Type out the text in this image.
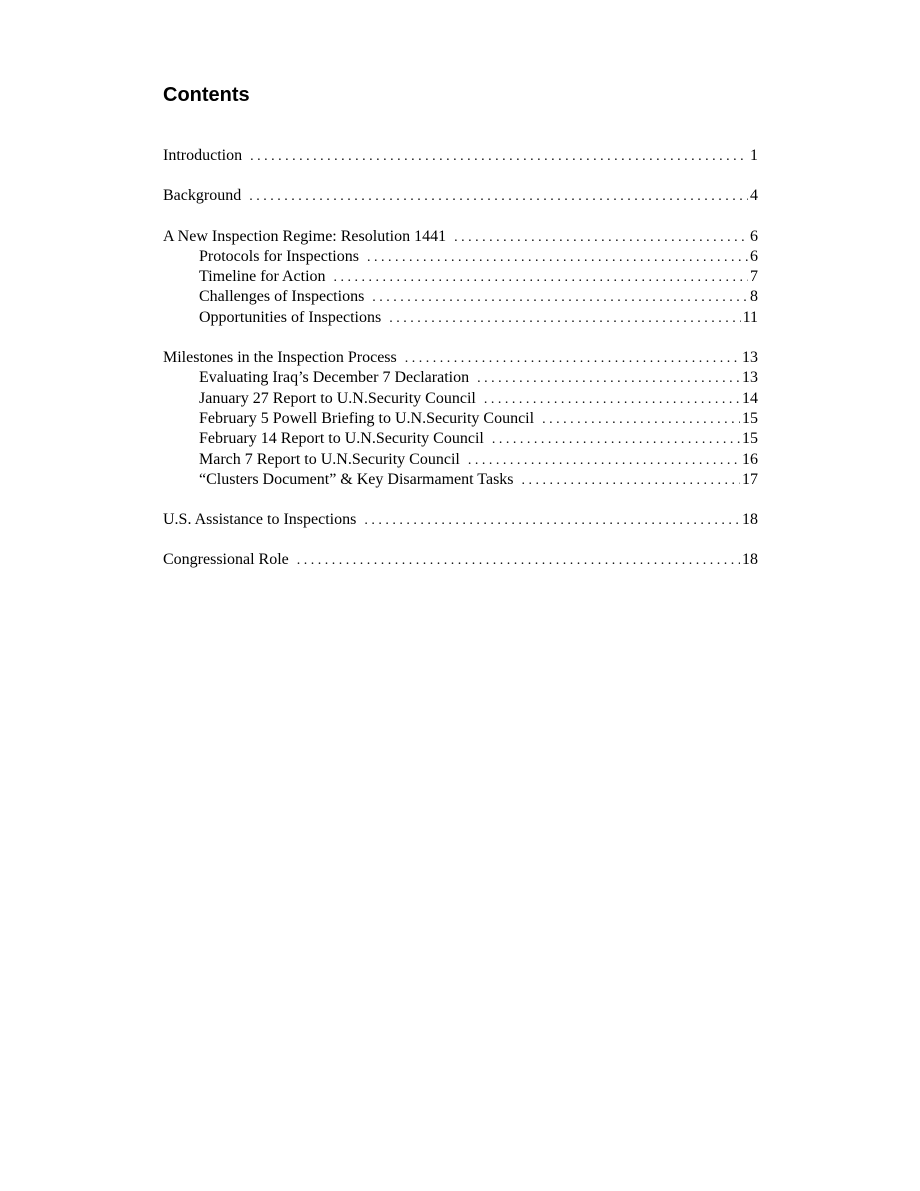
Contents
Introduction . . .	1
Background . . .	4
A New Inspection Regime: Resolution 1441 . . .	6
Protocols for Inspections . . .	6
Timeline for Action . . .	7
Challenges of Inspections . . .	8
Opportunities of Inspections . . .	11
Milestones in the Inspection Process . . .	13
Evaluating Iraq’s December 7 Declaration . . .	13
January 27 Report to U.N.Security Council . . .	14
February 5 Powell Briefing to U.N.Security Council . . .	15
February 14 Report to U.N.Security Council . . .	15
March 7 Report to U.N.Security Council . . .	16
“Clusters Document” & Key Disarmament Tasks . . .	17
U.S. Assistance to Inspections . . .	18
Congressional Role . . .	18
